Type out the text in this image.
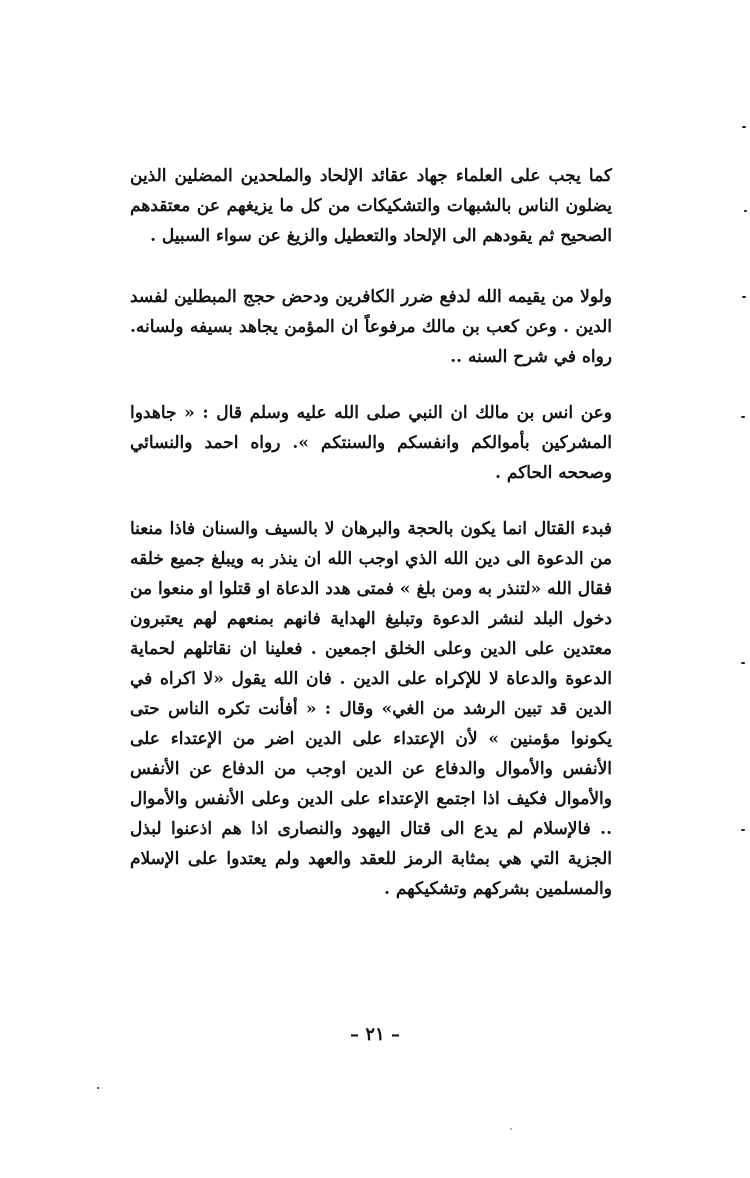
كما يجب على العلماء جهاد عقائد الإلحاد والملحدين المضلين الذين يضلون الناس بالشبهات والتشكيكات من كل ما يزيغهم عن معتقدهم الصحيح ثم يقودهم الى الإلحاد والتعطيل والزيغ عن سواء السبيل .

ولولا من يقيمه الله لدفع ضرر الكافرين ودحض حجج المبطلين لفسد الدين . وعن كعب بن مالك مرفوعاً ان المؤمن يجاهد بسيفه ولسانه. رواه في شرح السنه ..

وعن انس بن مالك ان النبي صلى الله عليه وسلم قال : « جاهدوا المشركين بأموالكم وانفسكم والسنتكم ». رواه احمد والنسائي وصححه الحاكم .

فبدء القتال انما يكون بالحجة والبرهان لا بالسيف والسنان فاذا منعنا من الدعوة الى دين الله الذي اوجب الله ان ينذر به ويبلغ جميع خلقه فقال الله «لتنذر به ومن بلغ » فمتى هدد الدعاة او قتلوا او منعوا من دخول البلد لنشر الدعوة وتبليغ الهداية فانهم بمنعهم لهم يعتبرون معتدين على الدين وعلى الخلق اجمعين . فعلينا ان نقاتلهم لحماية الدعوة والدعاة لا للإكراه على الدين . فان الله يقول «لا اكراه في الدين قد تبين الرشد من الغي» وقال : « أفأنت تكره الناس حتى يكونوا مؤمنين » لأن الإعتداء على الدين اضر من الإعتداء على الأنفس والأموال والدفاع عن الدين اوجب من الدفاع عن الأنفس والأموال فكيف اذا اجتمع الإعتداء على الدين وعلى الأنفس والأموال .. فالإسلام لم يدع الى قتال اليهود والنصارى اذا هم اذعنوا لبذل الجزية التي هي بمثابة الرمز للعقد والعهد ولم يعتدوا على الإسلام والمسلمين بشركهم وتشكيكهم .

– ٢١ –
